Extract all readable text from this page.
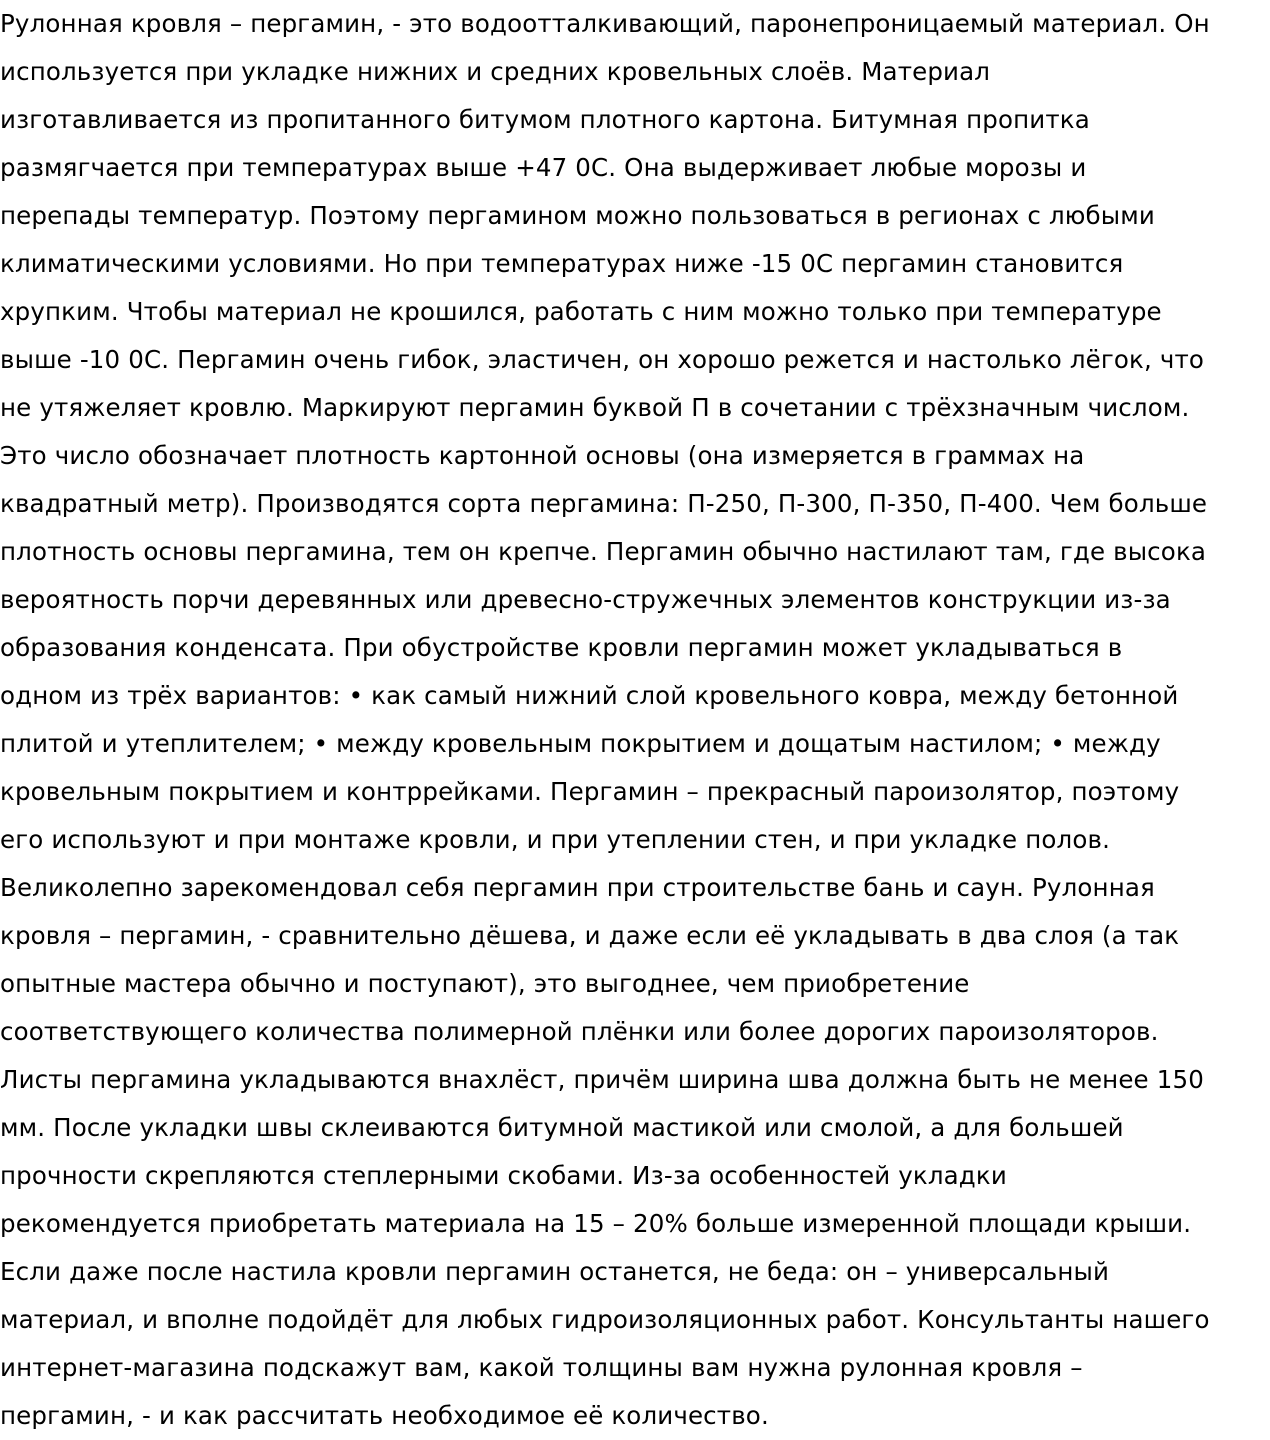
Рулонная кровля – пергамин, - это водоотталкивающий, паронепроницаемый материал. Он
используется при укладке нижних и средних кровельных слоёв. Материал
изготавливается из пропитанного битумом плотного картона. Битумная пропитка
размягчается при температурах выше +47 0С. Она выдерживает любые морозы и
перепады температур. Поэтому пергамином можно пользоваться в регионах с любыми
климатическими условиями. Но при температурах ниже -15 0С пергамин становится
хрупким. Чтобы материал не крошился, работать с ним можно только при температуре
выше -10 0С. Пергамин очень гибок, эластичен, он хорошо режется и настолько лёгок, что
не утяжеляет кровлю. Маркируют пергамин буквой П в сочетании с трёхзначным числом.
Это число обозначает плотность картонной основы (она измеряется в граммах на
квадратный метр). Производятся сорта пергамина: П-250, П-300, П-350, П-400. Чем больше
плотность основы пергамина, тем он крепче. Пергамин обычно настилают там, где высока
вероятность порчи деревянных или древесно-стружечных элементов конструкции из-за
образования конденсата. При обустройстве кровли пергамин может укладываться в
одном из трёх вариантов: • как самый нижний слой кровельного ковра, между бетонной
плитой и утеплителем; • между кровельным покрытием и дощатым настилом; • между
кровельным покрытием и контррейками. Пергамин – прекрасный пароизолятор, поэтому
его используют и при монтаже кровли, и при утеплении стен, и при укладке полов.
Великолепно зарекомендовал себя пергамин при строительстве бань и саун. Рулонная
кровля – пергамин, - сравнительно дёшева, и даже если её укладывать в два слоя (а так
опытные мастера обычно и поступают), это выгоднее, чем приобретение
соответствующего количества полимерной плёнки или более дорогих пароизоляторов.
Листы пергамина укладываются внахлёст, причём ширина шва должна быть не менее 150
мм. После укладки швы склеиваются битумной мастикой или смолой, а для большей
прочности скрепляются степлерными скобами. Из-за особенностей укладки
рекомендуется приобретать материала на 15 – 20% больше измеренной площади крыши.
Если даже после настила кровли пергамин останется, не беда: он – универсальный
материал, и вполне подойдёт для любых гидроизоляционных работ. Консультанты нашего
интернет-магазина подскажут вам, какой толщины вам нужна рулонная кровля –
пергамин, - и как рассчитать необходимое её количество.
